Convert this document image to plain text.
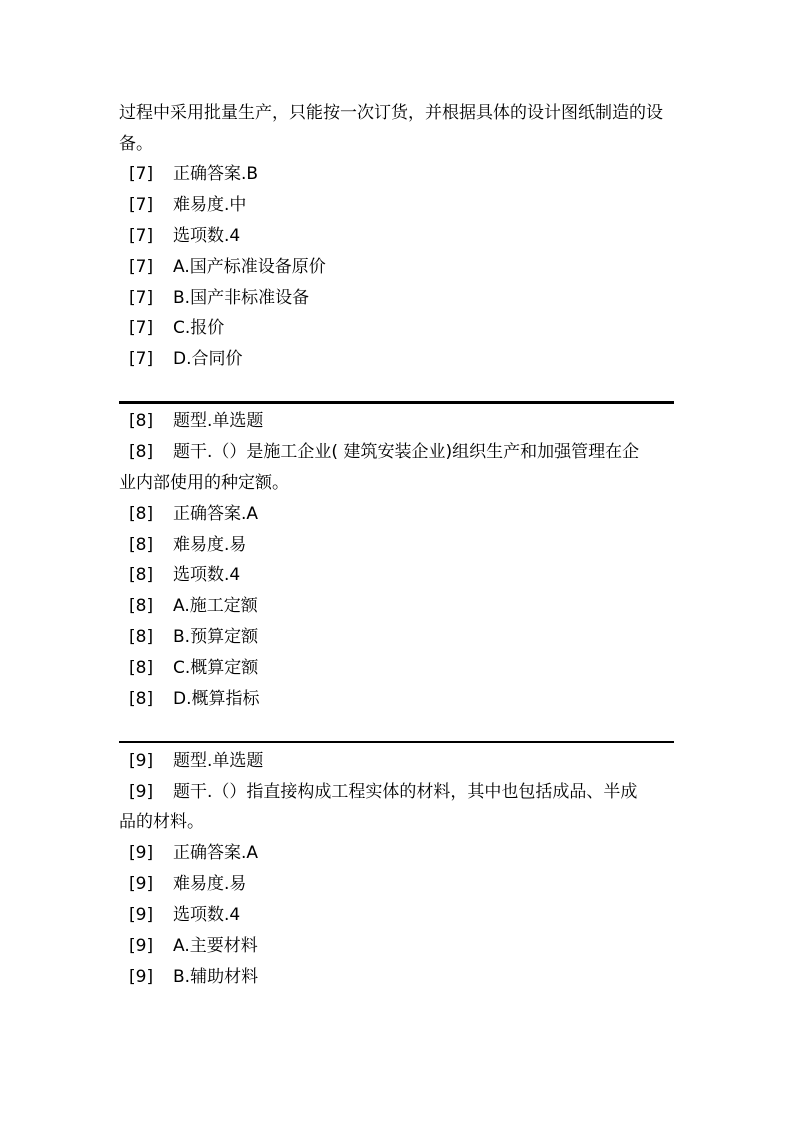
过程中采用批量生产，只能按一次订货，并根据具体的设计图纸制造的设备。
[7] 正确答案.B
[7] 难易度.中
[7] 选项数.4
[7] A.国产标准设备原价
[7] B.国产非标准设备
[7] C.报价
[7] D.合同价
[8] 题型.单选题
[8] 题干.（）是施工企业( 建筑安装企业)组织生产和加强管理在企
业内部使用的种定额。
[8] 正确答案.A
[8] 难易度.易
[8] 选项数.4
[8] A.施工定额
[8] B.预算定额
[8] C.概算定额
[8] D.概算指标
[9] 题型.单选题
[9] 题干.（）指直接构成工程实体的材料，其中也包括成品、半成
品的材料。
[9] 正确答案.A
[9] 难易度.易
[9] 选项数.4
[9] A.主要材料
[9] B.辅助材料
